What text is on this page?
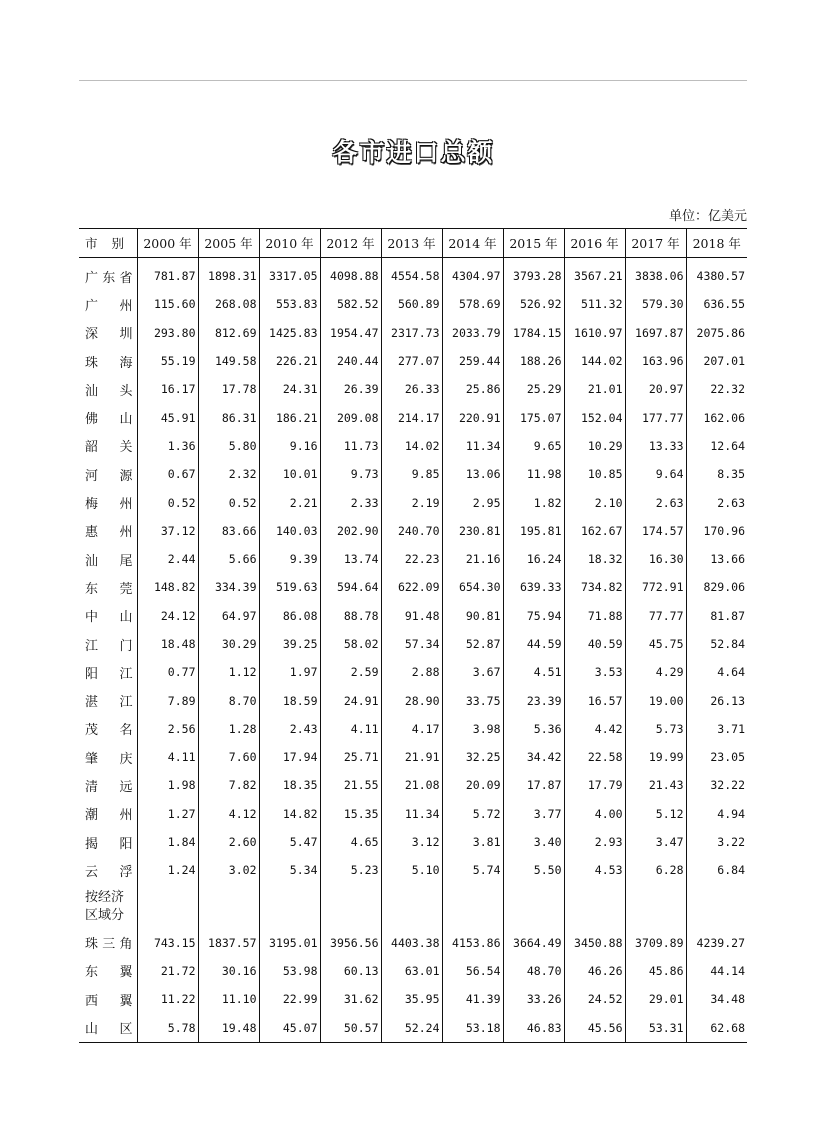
各市进口总额
单位：亿美元
市别	2000 年	2005 年	2010 年	2012 年	2013 年	2014 年	2015 年	2016 年	2017 年	2018 年
广东省	781.87	1898.31	3317.05	4098.88	4554.58	4304.97	3793.28	3567.21	3838.06	4380.57
广州	115.60	268.08	553.83	582.52	560.89	578.69	526.92	511.32	579.30	636.55
深圳	293.80	812.69	1425.83	1954.47	2317.73	2033.79	1784.15	1610.97	1697.87	2075.86
珠海	55.19	149.58	226.21	240.44	277.07	259.44	188.26	144.02	163.96	207.01
汕头	16.17	17.78	24.31	26.39	26.33	25.86	25.29	21.01	20.97	22.32
佛山	45.91	86.31	186.21	209.08	214.17	220.91	175.07	152.04	177.77	162.06
韶关	1.36	5.80	9.16	11.73	14.02	11.34	9.65	10.29	13.33	12.64
河源	0.67	2.32	10.01	9.73	9.85	13.06	11.98	10.85	9.64	8.35
梅州	0.52	0.52	2.21	2.33	2.19	2.95	1.82	2.10	2.63	2.63
惠州	37.12	83.66	140.03	202.90	240.70	230.81	195.81	162.67	174.57	170.96
汕尾	2.44	5.66	9.39	13.74	22.23	21.16	16.24	18.32	16.30	13.66
东莞	148.82	334.39	519.63	594.64	622.09	654.30	639.33	734.82	772.91	829.06
中山	24.12	64.97	86.08	88.78	91.48	90.81	75.94	71.88	77.77	81.87
江门	18.48	30.29	39.25	58.02	57.34	52.87	44.59	40.59	45.75	52.84
阳江	0.77	1.12	1.97	2.59	2.88	3.67	4.51	3.53	4.29	4.64
湛江	7.89	8.70	18.59	24.91	28.90	33.75	23.39	16.57	19.00	26.13
茂名	2.56	1.28	2.43	4.11	4.17	3.98	5.36	4.42	5.73	3.71
肇庆	4.11	7.60	17.94	25.71	21.91	32.25	34.42	22.58	19.99	23.05
清远	1.98	7.82	18.35	21.55	21.08	20.09	17.87	17.79	21.43	32.22
潮州	1.27	4.12	14.82	15.35	11.34	5.72	3.77	4.00	5.12	4.94
揭阳	1.84	2.60	5.47	4.65	3.12	3.81	3.40	2.93	3.47	3.22
云浮	1.24	3.02	5.34	5.23	5.10	5.74	5.50	4.53	6.28	6.84
按经济区域分										
珠三角	743.15	1837.57	3195.01	3956.56	4403.38	4153.86	3664.49	3450.88	3709.89	4239.27
东翼	21.72	30.16	53.98	60.13	63.01	56.54	48.70	46.26	45.86	44.14
西翼	11.22	11.10	22.99	31.62	35.95	41.39	33.26	24.52	29.01	34.48
山区	5.78	19.48	45.07	50.57	52.24	53.18	46.83	45.56	53.31	62.68
